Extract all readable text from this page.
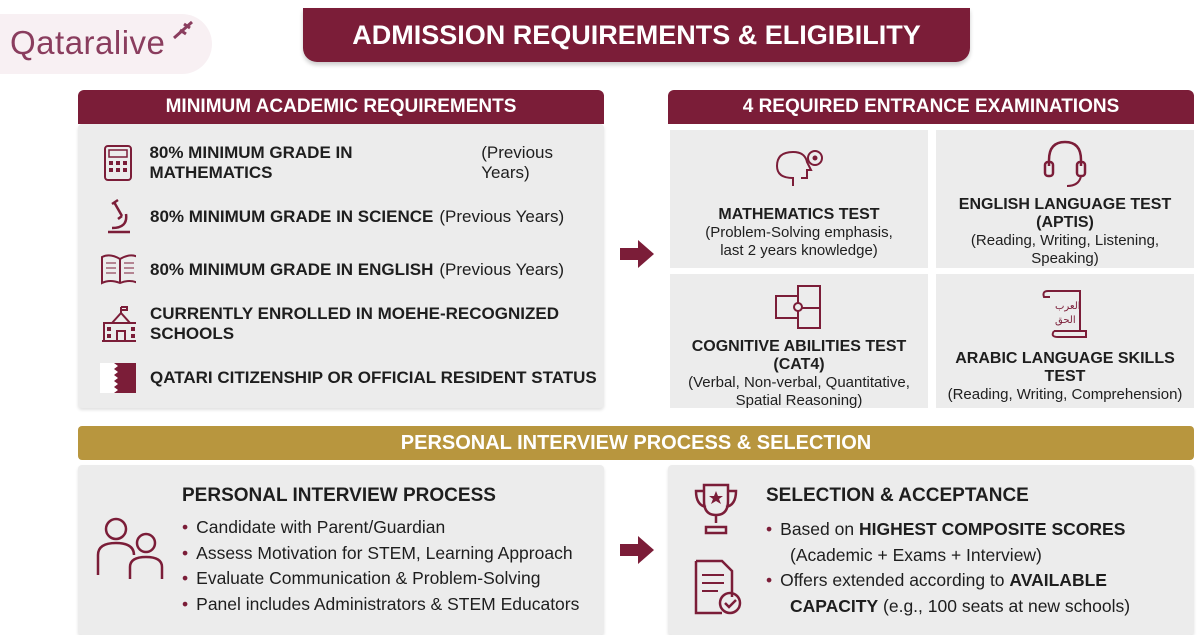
Qataralive	ADMISSION REQUIREMENTS & ELIGIBILITY
MINIMUM ACADEMIC REQUIREMENTS
80% MINIMUM GRADE IN MATHEMATICS
(Previous Years)
80% MINIMUM GRADE IN SCIENCE (Previous Years)
80% MINIMUM GRADE IN ENGLISH (Previous Years)
CURRENTLY ENROLLED IN MOEHE-RECOGNIZED SCHOOLS
QATARI CITIZENSHIP OR OFFICIAL RESIDENT STATUS
4 REQUIRED ENTRANCE EXAMINATIONS
MATHEMATICS TEST
(Problem-Solving emphasis,
last 2 years knowledge)
ENGLISH LANGUAGE TEST (APTIS)
(Reading, Writing, Listening,
Speaking)
COGNITIVE ABILITIES TEST (CAT4)
(Verbal, Non-verbal, Quantitative,
Spatial Reasoning)
العرب
الحق
ARABIC LANGUAGE SKILLS TEST
(Reading, Writing, Comprehension)
PERSONAL INTERVIEW PROCESS & SELECTION
PERSONAL INTERVIEW PROCESS
• Candidate with Parent/Guardian
• Assess Motivation for STEM, Learning Approach
• Evaluate Communication & Problem-Solving
• Panel includes Administrators & STEM Educators
SELECTION & ACCEPTANCE
• Based on HIGHEST COMPOSITE SCORES
(Academic + Exams + Interview)
• Offers extended according to AVAILABLE
CAPACITY (e.g., 100 seats at new schools)
